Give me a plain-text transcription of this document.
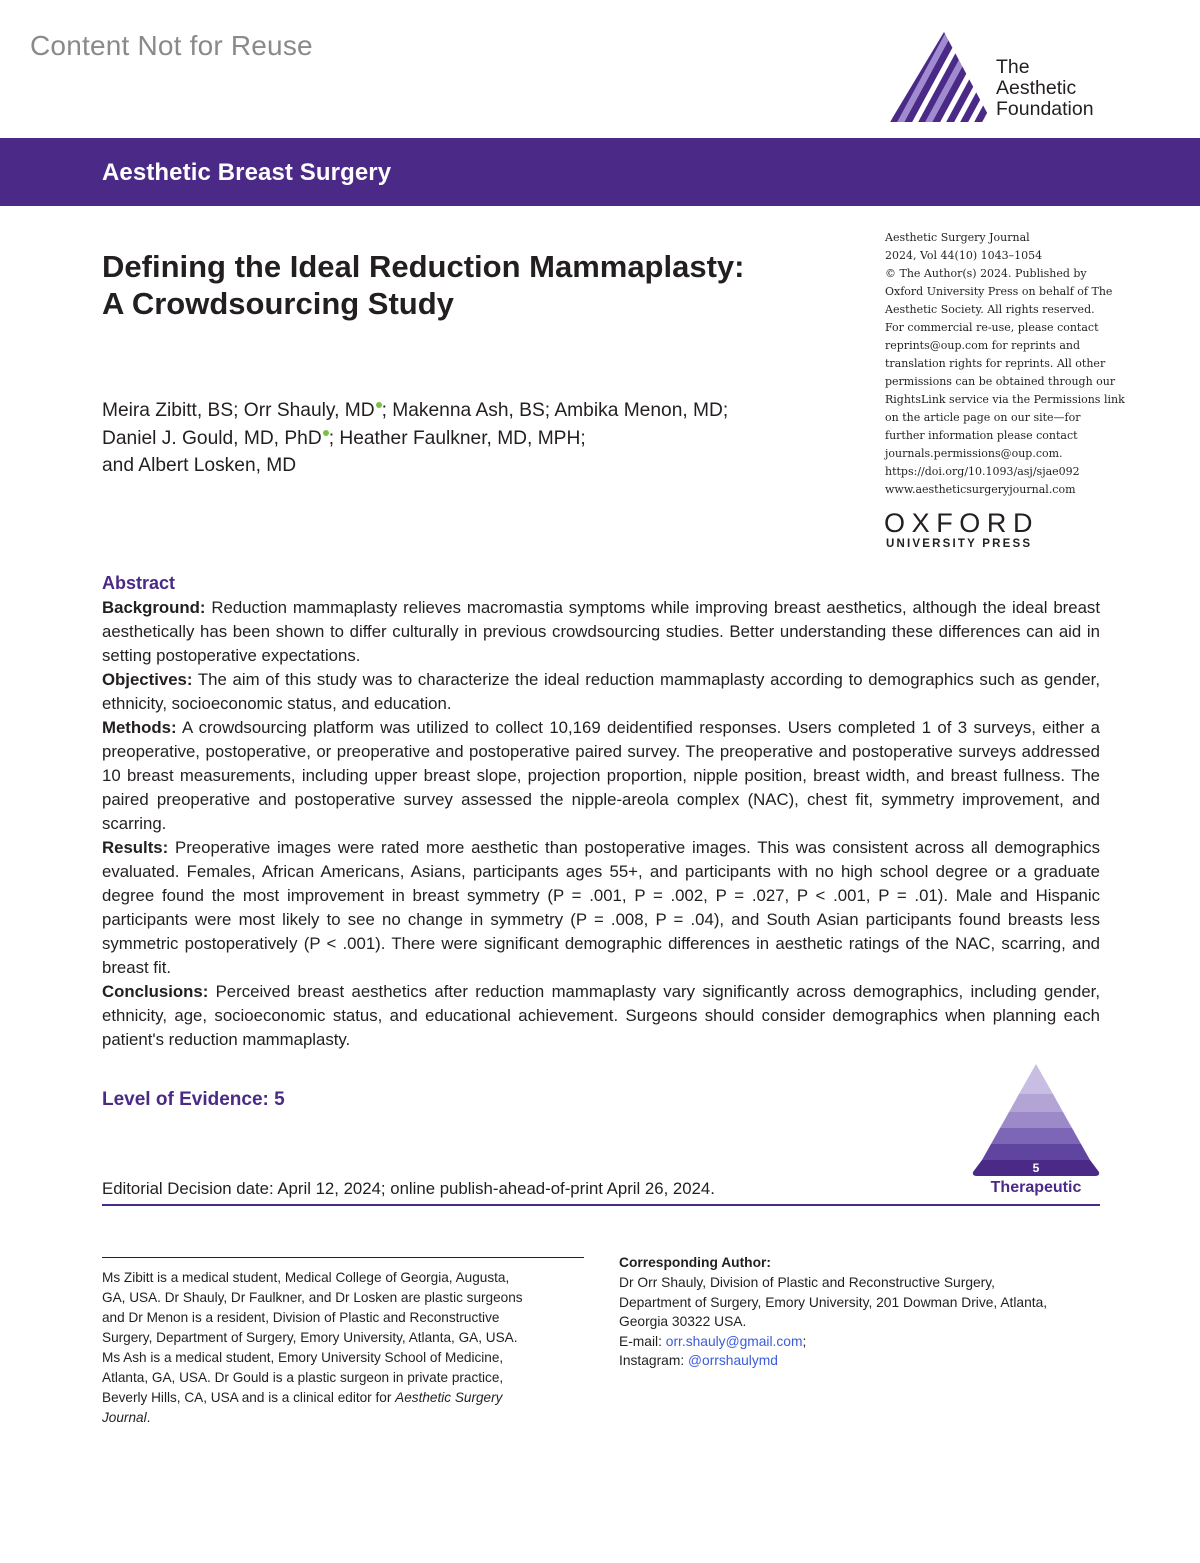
Content Not for Reuse
The
Aesthetic
Foundation
Aesthetic Breast Surgery
Defining the Ideal Reduction Mammaplasty:
A Crowdsourcing Study
Aesthetic Surgery Journal
2024, Vol 44(10) 1043–1054
© The Author(s) 2024. Published by
Oxford University Press on behalf of The
Aesthetic Society. All rights reserved.
For commercial re-use, please contact
reprints@oup.com for reprints and
translation rights for reprints. All other
permissions can be obtained through our
RightsLink service via the Permissions link
on the article page on our site—for
further information please contact
journals.permissions@oup.com.
https://doi.org/10.1093/asj/sjae092
www.aestheticsurgeryjournal.com
OXFORD
UNIVERSITY PRESS
Meira Zibitt, BS; Orr Shauly, MD ; Makenna Ash, BS; Ambika Menon, MD;
Daniel J. Gould, MD, PhD ; Heather Faulkner, MD, MPH;
and Albert Losken, MD
Abstract

Background: Reduction mammaplasty relieves macromastia symptoms while improving breast aesthetics, although the ideal breast aesthetically has been shown to differ culturally in previous crowdsourcing studies. Better understanding these differences can aid in setting postoperative expectations.

Objectives: The aim of this study was to characterize the ideal reduction mammaplasty according to demographics such as gender, ethnicity, socioeconomic status, and education.

Methods: A crowdsourcing platform was utilized to collect 10,169 deidentified responses. Users completed 1 of 3 surveys, either a preoperative, postoperative, or preoperative and postoperative paired survey. The preoperative and postoperative surveys addressed 10 breast measurements, including upper breast slope, projection proportion, nipple position, breast width, and breast fullness. The paired preoperative and postoperative survey assessed the nipple-areola complex (NAC), chest fit, symmetry improvement, and scarring.

Results: Preoperative images were rated more aesthetic than postoperative images. This was consistent across all demographics evaluated. Females, African Americans, Asians, participants ages 55+, and participants with no high school degree or a graduate degree found the most improvement in breast symmetry (P = .001, P = .002, P = .027, P < .001, P = .01). Male and Hispanic participants were most likely to see no change in symmetry (P = .008, P = .04), and South Asian participants found breasts less symmetric postoperatively (P < .001). There were significant demographic differences in aesthetic ratings of the NAC, scarring, and breast fit.

Conclusions: Perceived breast aesthetics after reduction mammaplasty vary significantly across demographics, including gender, ethnicity, age, socioeconomic status, and educational achievement. Surgeons should consider demographics when planning each patient's reduction mammaplasty.

Level of Evidence: 5
5
Therapeutic
Editorial Decision date: April 12, 2024; online publish-ahead-of-print April 26, 2024.
Ms Zibitt is a medical student, Medical College of Georgia, Augusta,
GA, USA. Dr Shauly, Dr Faulkner, and Dr Losken are plastic surgeons
and Dr Menon is a resident, Division of Plastic and Reconstructive
Surgery, Department of Surgery, Emory University, Atlanta, GA, USA.
Ms Ash is a medical student, Emory University School of Medicine,
Atlanta, GA, USA. Dr Gould is a plastic surgeon in private practice,
Beverly Hills, CA, USA and is a clinical editor for Aesthetic Surgery
Journal.
Corresponding Author:
Dr Orr Shauly, Division of Plastic and Reconstructive Surgery,
Department of Surgery, Emory University, 201 Dowman Drive, Atlanta,
Georgia 30322 USA.
E-mail: orr.shauly@gmail.com;
Instagram: @orrshaulymd
